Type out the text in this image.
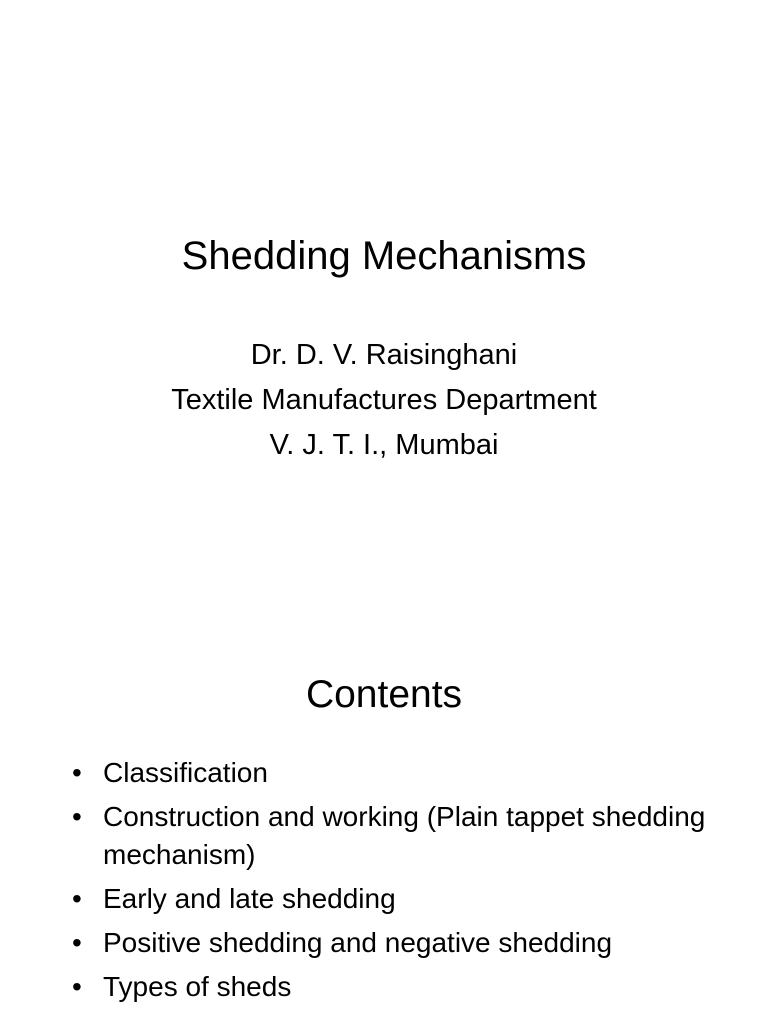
Shedding Mechanisms
Dr. D. V. Raisinghani
Textile Manufactures Department
V. J. T. I., Mumbai
Contents
• Classification
• Construction and working (Plain tappet shedding mechanism)
• Early and late shedding
• Positive shedding and negative shedding
• Types of sheds
